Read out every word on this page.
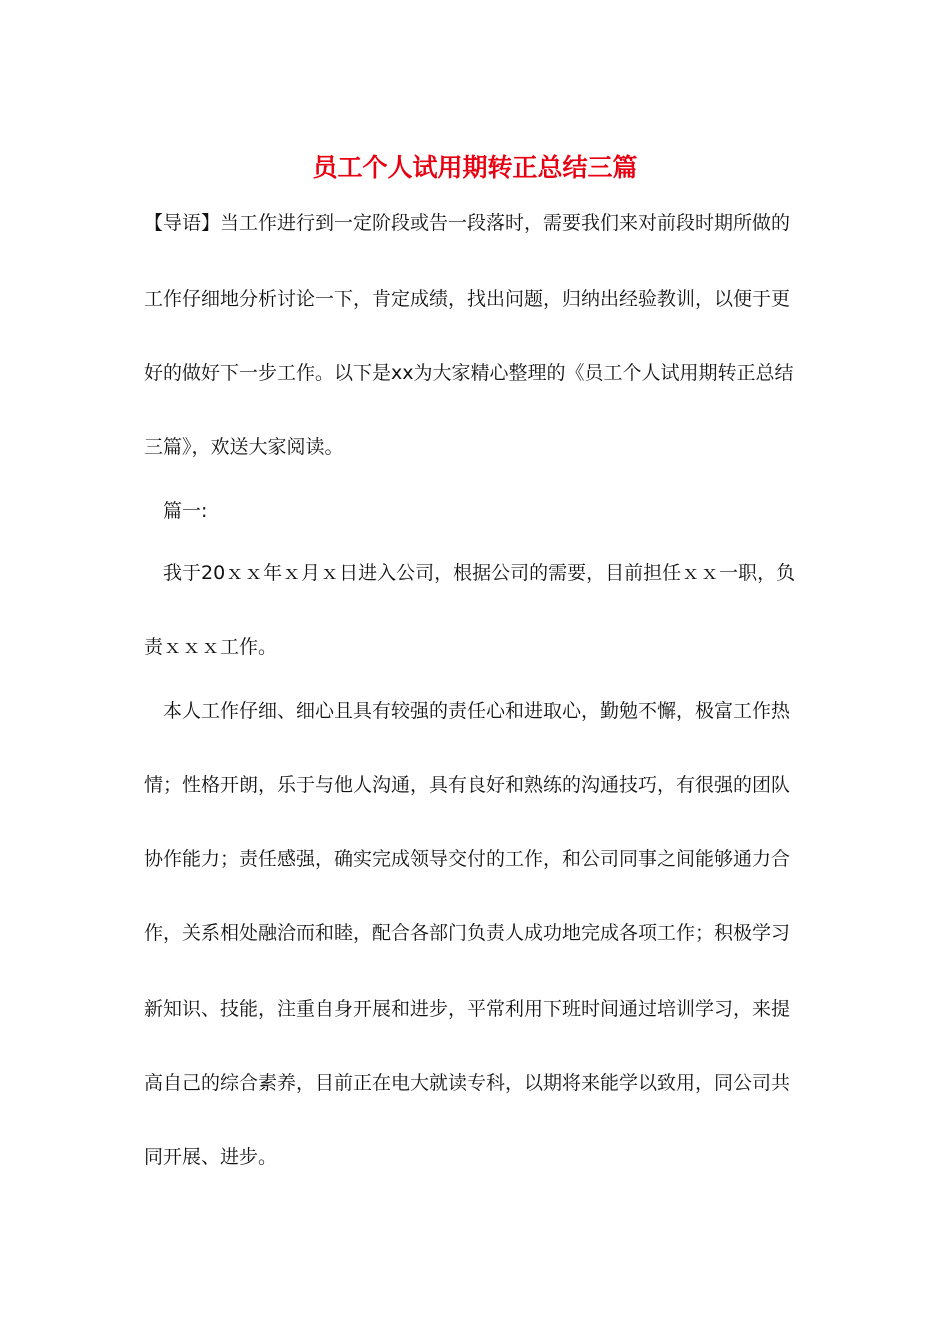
员工个人试用期转正总结三篇
【导语】当工作进行到一定阶段或告一段落时，需要我们来对前段时期所做的
工作仔细地分析讨论一下，肯定成绩，找出问题，归纳出经验教训，以便于更
好的做好下一步工作。以下是xx为大家精心整理的《员工个人试用期转正总结
三篇》，欢送大家阅读。
篇一:
我于20ｘｘ年ｘ月ｘ日进入公司，根据公司的需要，目前担任ｘｘ一职，负
责ｘｘｘ工作。
本人工作仔细、细心且具有较强的责任心和进取心，勤勉不懈，极富工作热
情；性格开朗，乐于与他人沟通，具有良好和熟练的沟通技巧，有很强的团队
协作能力；责任感强，确实完成领导交付的工作，和公司同事之间能够通力合
作，关系相处融洽而和睦，配合各部门负责人成功地完成各项工作；积极学习
新知识、技能，注重自身开展和进步，平常利用下班时间通过培训学习，来提
高自己的综合素养，目前正在电大就读专科，以期将来能学以致用，同公司共
同开展、进步。
